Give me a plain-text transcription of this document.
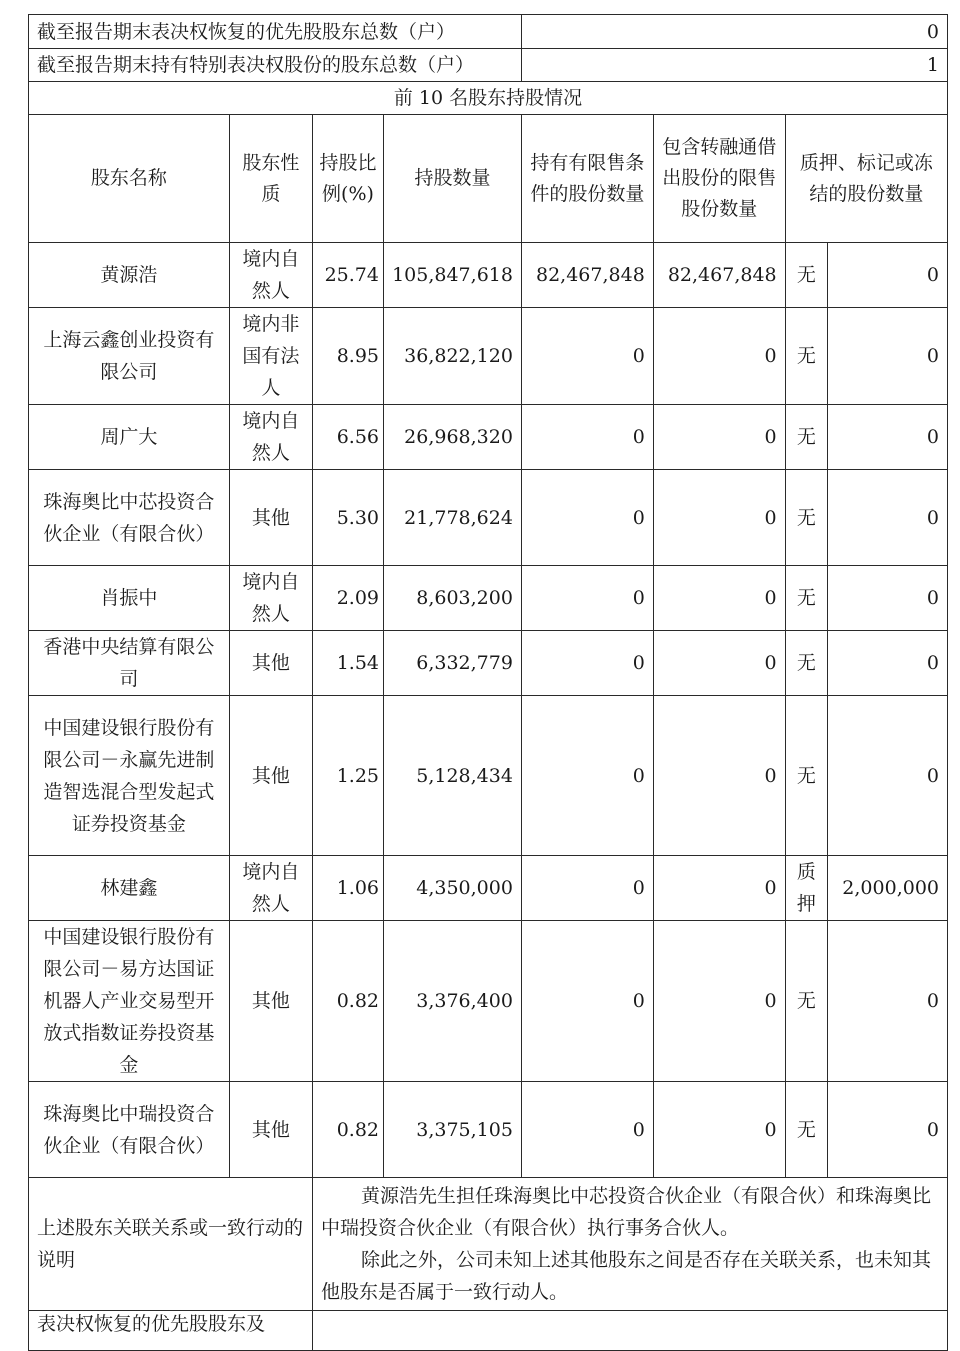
截至报告期末表决权恢复的优先股股东总数（户）				0			
截至报告期末持有特别表决权股份的股东总数（户）				1			
前 10 名股东持股情况							
股东名称	股东性质	持股比例(%)	持股数量	持有有限售条件的股份数量	包含转融通借出股份的限售股份数量	质押、标记或冻结的股份数量	
黄源浩	境内自然人	25.74	105,847,618	82,467,848	82,467,848	无	0
上海云鑫创业投资有限公司	境内非国有法人	8.95	36,822,120	0	0	无	0
周广大	境内自然人	6.56	26,968,320	0	0	无	0
珠海奥比中芯投资合伙企业（有限合伙）	其他	5.30	21,778,624	0	0	无	0
肖振中	境内自然人	2.09	8,603,200	0	0	无	0
香港中央结算有限公司	其他	1.54	6,332,779	0	0	无	0
中国建设银行股份有限公司－永赢先进制造智选混合型发起式证券投资基金	其他	1.25	5,128,434	0	0	无	0
林建鑫	境内自然人	1.06	4,350,000	0	0	质押	2,000,000
中国建设银行股份有限公司－易方达国证机器人产业交易型开放式指数证券投资基金	其他	0.82	3,376,400	0	0	无	0
珠海奥比中瑞投资合伙企业（有限合伙）	其他	0.82	3,375,105	0	0	无	0
上述股东关联关系或一致行动的说明		黄源浩先生担任珠海奥比中芯投资合伙企业（有限合伙）和珠海奥比中瑞投资合伙企业（有限合伙）执行事务合伙人。

除此之外，公司未知上述其他股东之间是否存在关联关系，也未知其他股东是否属于一致行动人。					

表决权恢复的优先股股东及							
